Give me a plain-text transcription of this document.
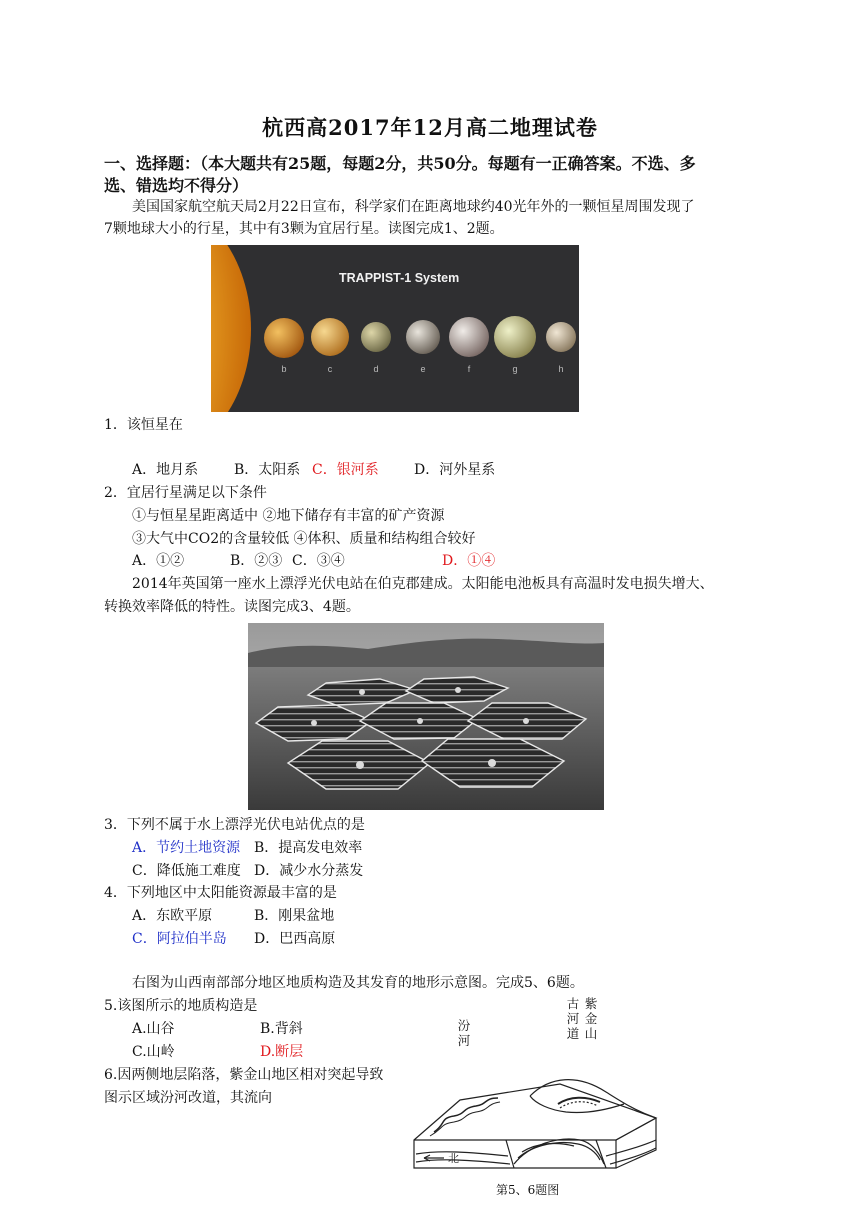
杭西高2017年12月高二地理试卷
一、选择题：（本大题共有25题，每题2分，共50分。每题有一正确答案。不选、多
选、错选均不得分）
美国国家航空航天局2月22日宣布，科学家们在距离地球约40光年外的一颗恒星周围发现了
7颗地球大小的行星，其中有3颗为宜居行星。读图完成1、2题。
TRAPPIST-1 System
b	c	d	e	f	g	h
1．该恒星在
A．地月系	B．太阳系 C．银河系	D．河外星系
2．宜居行星满足以下条件
①与恒星星距离适中 ②地下储存有丰富的矿产资源
③大气中CO2的含量较低 ④体积、质量和结构组合较好
A．①②	B．②③ C．③④	D．①④
2014年英国第一座水上漂浮光伏电站在伯克郡建成。太阳能电池板具有高温时发电损失增大、
转换效率降低的特性。读图完成3、4题。
3．下列不属于水上漂浮光伏电站优点的是
A．节约土地资源 B．提高发电效率
C．降低施工难度 D．减少水分蒸发
4．下列地区中太阳能资源最丰富的是
A．东欧平原	B．刚果盆地
C．阿拉伯半岛 D．巴西高原
右图为山西南部部分地区地质构造及其发育的地形示意图。完成5、6题。
5.该图所示的地质构造是
A.山谷	B.背斜
C.山岭	D.断层
6.因两侧地层陷落，紫金山地区相对突起导致
图示区域汾河改道，其流向
汾河
古河道
紫金山
北
第5、6题图
